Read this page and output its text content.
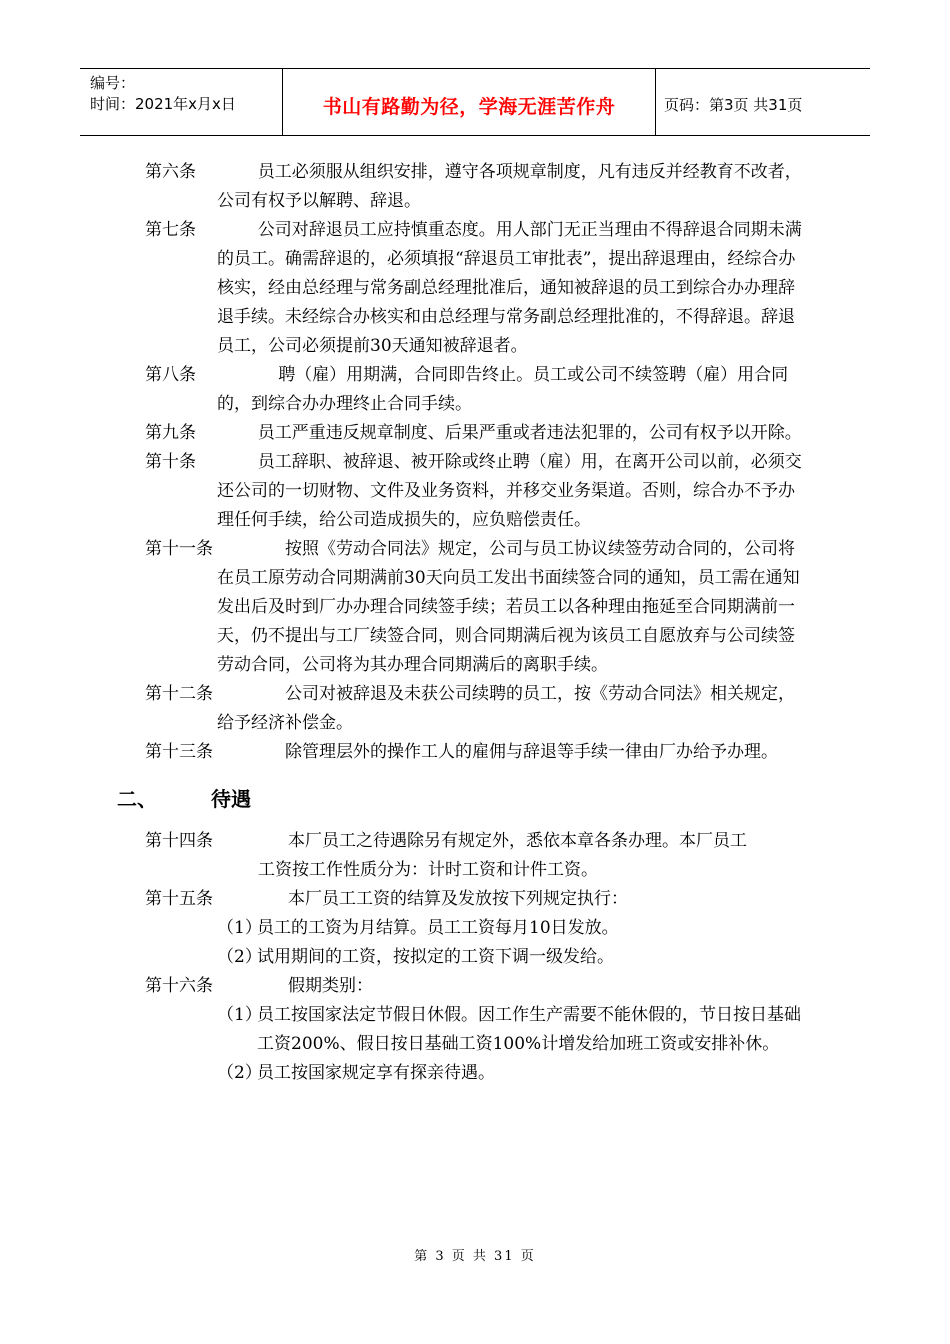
编号：
时间：2021年x月x日	书山有路勤为径，学海无涯苦作舟	页码：第3页 共31页
第六条	员工必须服从组织安排，遵守各项规章制度，凡有违反并经教育不改者，公司有权予以解聘、辞退。
第七条	公司对辞退员工应持慎重态度。用人部门无正当理由不得辞退合同期未满的员工。确需辞退的，必须填报“辞退员工审批表”，提出辞退理由，经综合办核实，经由总经理与常务副总经理批准后，通知被辞退的员工到综合办办理辞退手续。未经综合办核实和由总经理与常务副总经理批准的，不得辞退。辞退员工，公司必须提前30天通知被辞退者。
第八条	聘（雇）用期满，合同即告终止。员工或公司不续签聘（雇）用合同的，到综合办办理终止合同手续。
第九条	员工严重违反规章制度、后果严重或者违法犯罪的，公司有权予以开除。
第十条	员工辞职、被辞退、被开除或终止聘（雇）用，在离开公司以前，必须交还公司的一切财物、文件及业务资料，并移交业务渠道。否则，综合办不予办理任何手续，给公司造成损失的，应负赔偿责任。
第十一条	按照《劳动合同法》规定，公司与员工协议续签劳动合同的，公司将在员工原劳动合同期满前30天向员工发出书面续签合同的通知，员工需在通知发出后及时到厂办办理合同续签手续；若员工以各种理由拖延至合同期满前一天，仍不提出与工厂续签合同，则合同期满后视为该员工自愿放弃与公司续签劳动合同，公司将为其办理合同期满后的离职手续。
第十二条	公司对被辞退及未获公司续聘的员工，按《劳动合同法》相关规定，给予经济补偿金。
第十三条	除管理层外的操作工人的雇佣与辞退等手续一律由厂办给予办理。
二、	待遇
第十四条	本厂员工之待遇除另有规定外，悉依本章各条办理。本厂员工
工资按工作性质分为：计时工资和计件工资。
第十五条	本厂员工工资的结算及发放按下列规定执行：
（1）
员工的工资为月结算。员工工资每月10日发放。
（2）
试用期间的工资，按拟定的工资下调一级发给。
第十六条	假期类别：
（1）
员工按国家法定节假日休假。因工作生产需要不能休假的，节日按日基础工资200%、假日按日基础工资100%计增发给加班工资或安排补休。
（2）
员工按国家规定享有探亲待遇。
第 3 页 共 31 页
